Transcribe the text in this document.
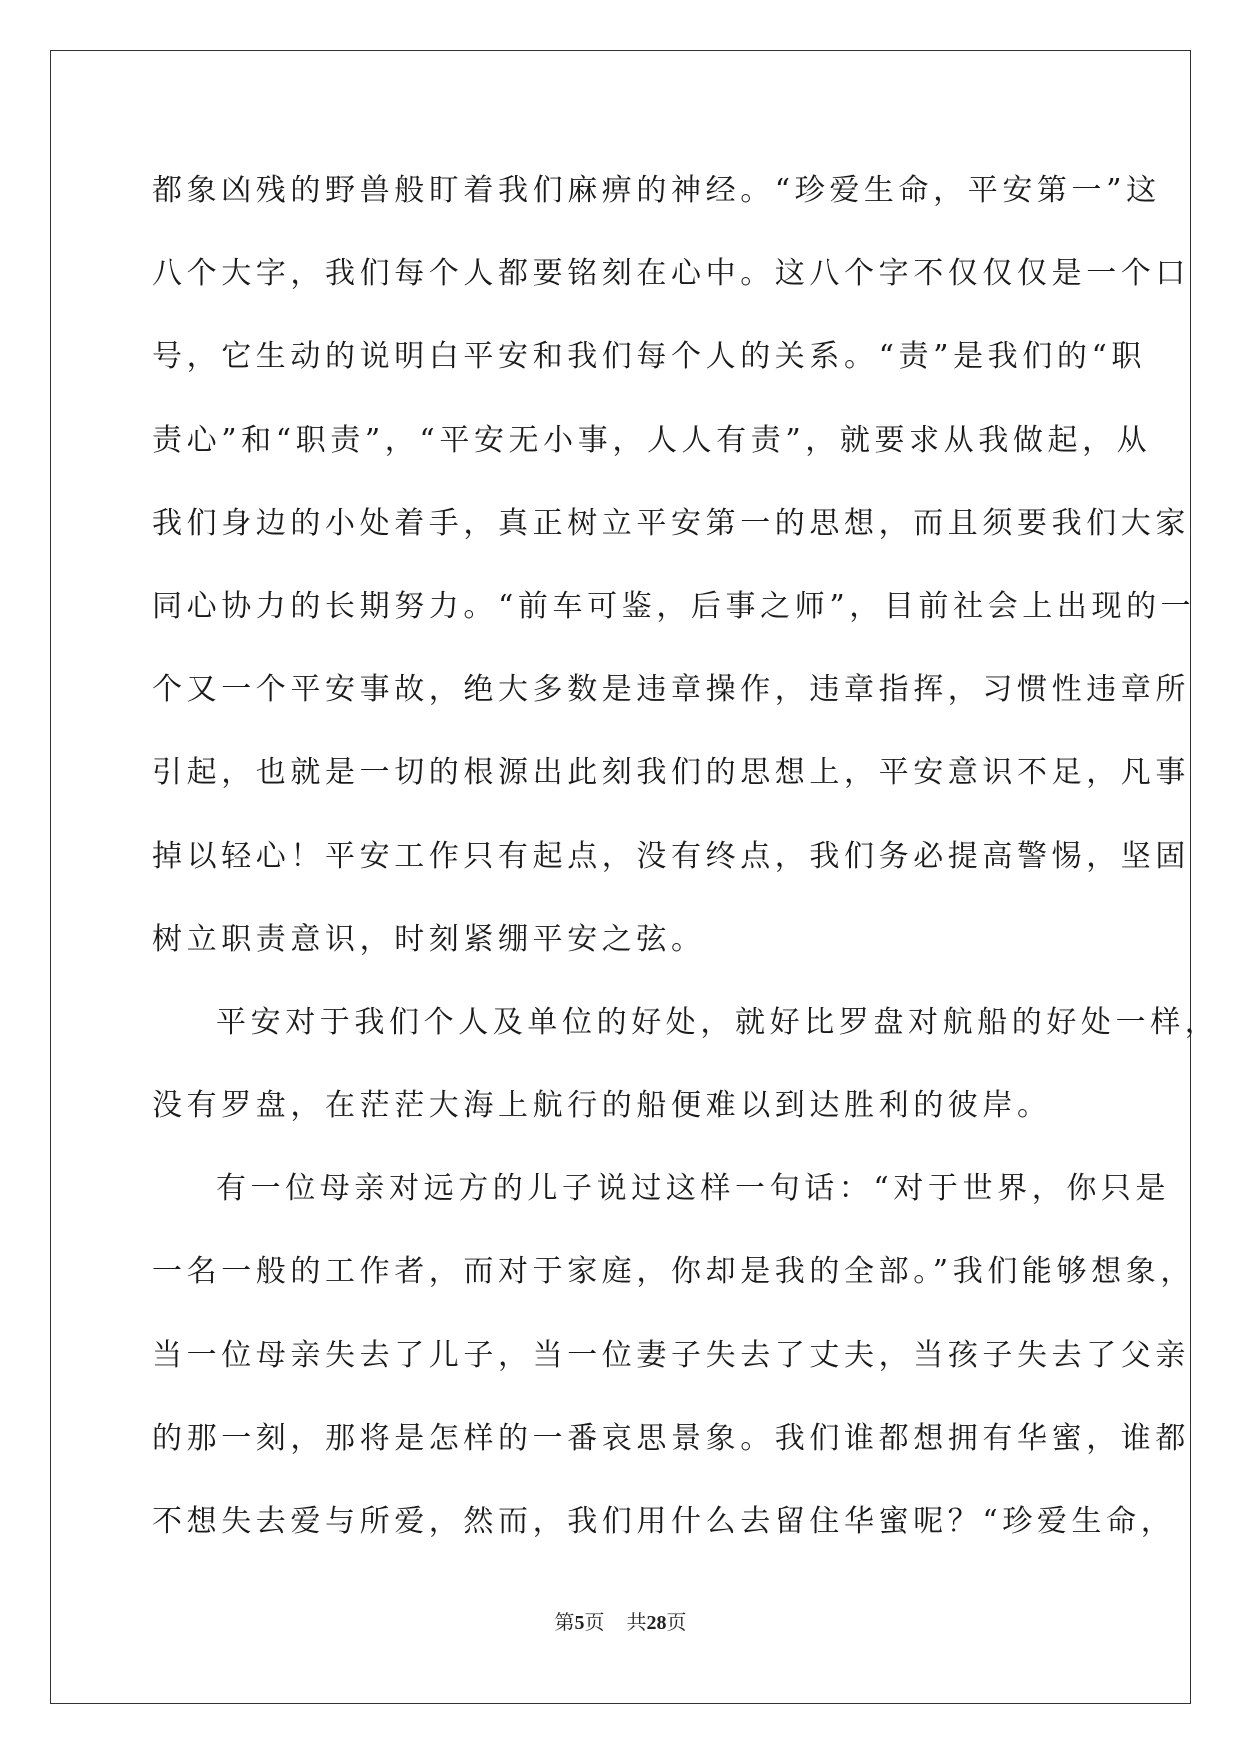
都象凶残的野兽般盯着我们麻痹的神经。“珍爱生命，平安第一”这
八个大字，我们每个人都要铭刻在心中。这八个字不仅仅仅是一个口
号，它生动的说明白平安和我们每个人的关系。“责”是我们的“职
责心”和“职责”，“平安无小事，人人有责”，就要求从我做起，从
我们身边的小处着手，真正树立平安第一的思想，而且须要我们大家
同心协力的长期努力。“前车可鉴，后事之师”，目前社会上出现的一
个又一个平安事故，绝大多数是违章操作，违章指挥，习惯性违章所
引起，也就是一切的根源出此刻我们的思想上，平安意识不足，凡事
掉以轻心！平安工作只有起点，没有终点，我们务必提高警惕，坚固
树立职责意识，时刻紧绷平安之弦。
平安对于我们个人及单位的好处，就好比罗盘对航船的好处一样，
没有罗盘，在茫茫大海上航行的船便难以到达胜利的彼岸。
有一位母亲对远方的儿子说过这样一句话：“对于世界，你只是
一名一般的工作者，而对于家庭，你却是我的全部。”我们能够想象，
当一位母亲失去了儿子，当一位妻子失去了丈夫，当孩子失去了父亲
的那一刻，那将是怎样的一番哀思景象。我们谁都想拥有华蜜，谁都
不想失去爱与所爱，然而，我们用什么去留住华蜜呢？“珍爱生命，
第5页 共28页
